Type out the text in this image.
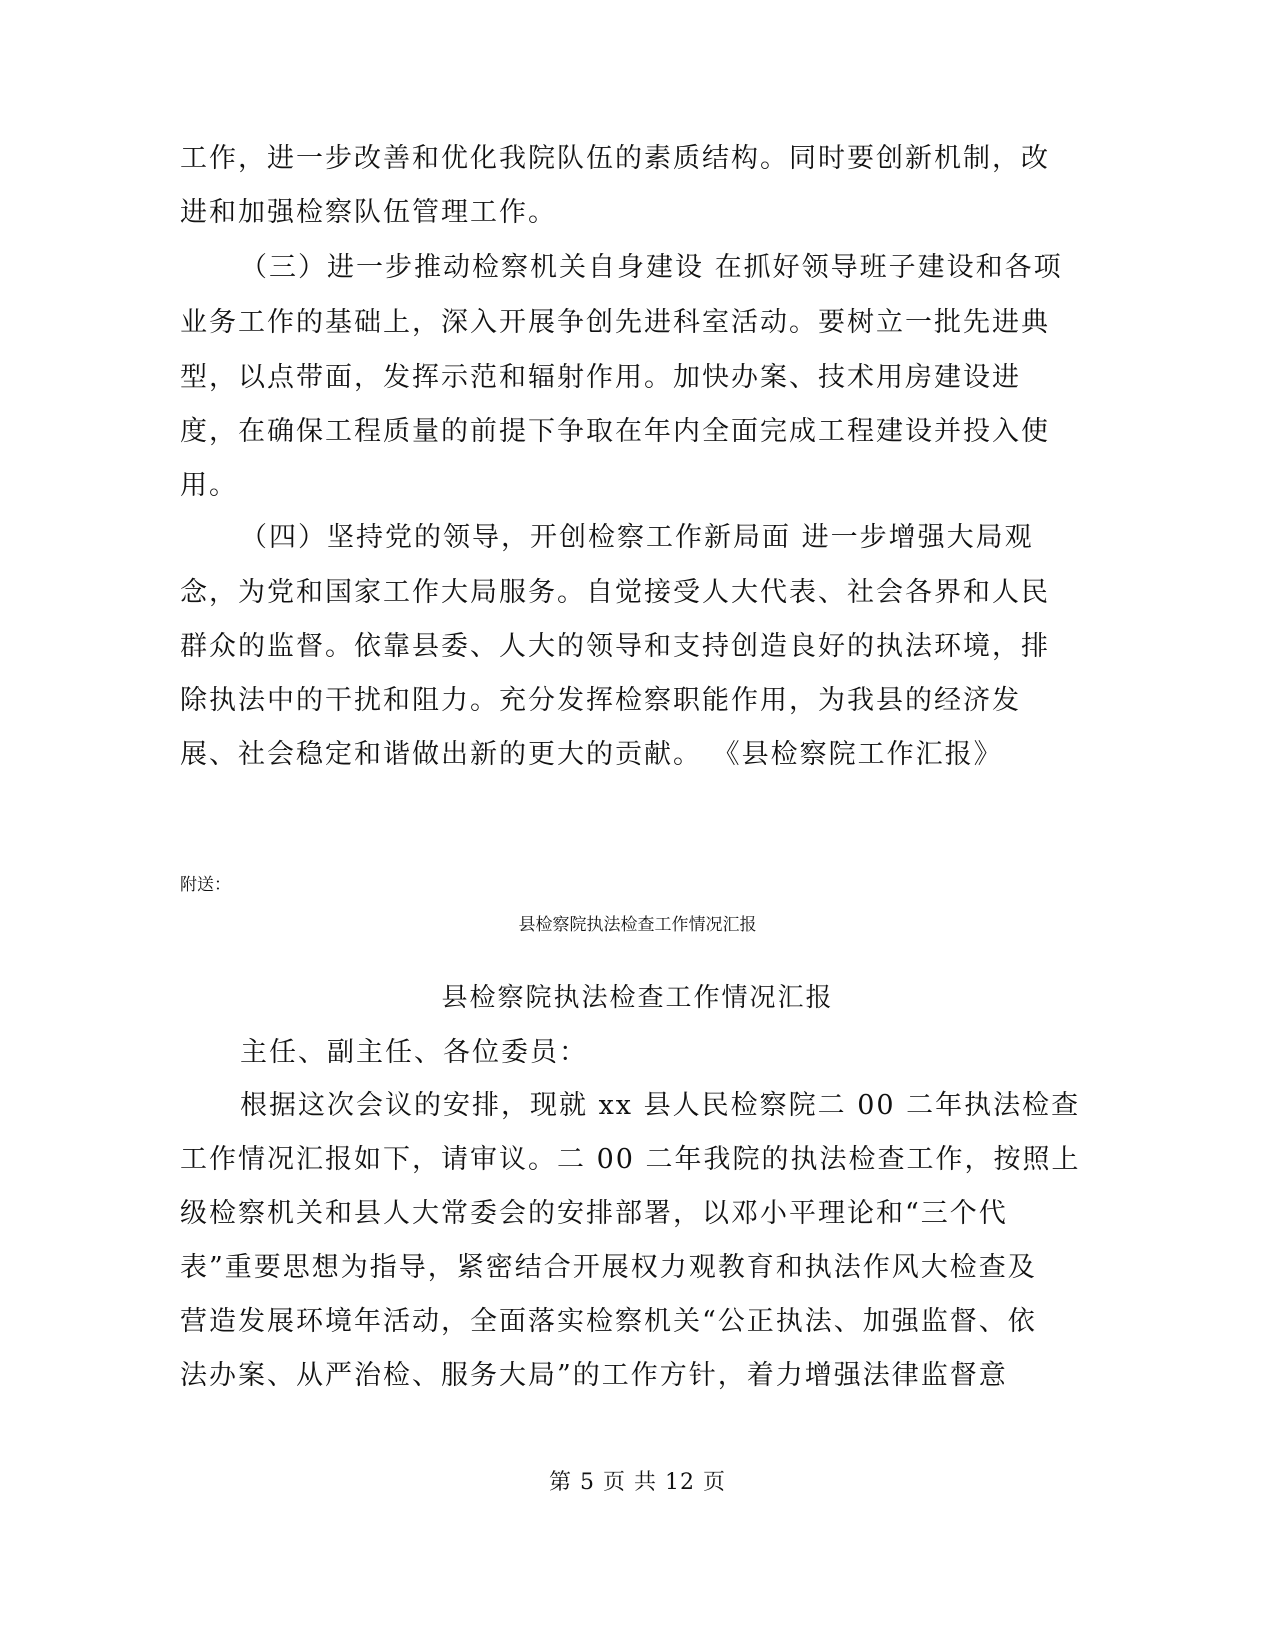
工作，进一步改善和优化我院队伍的素质结构。同时要创新机制，改
进和加强检察队伍管理工作。
（三）进一步推动检察机关自身建设 在抓好领导班子建设和各项
业务工作的基础上，深入开展争创先进科室活动。要树立一批先进典
型，以点带面，发挥示范和辐射作用。加快办案、技术用房建设进
度，在确保工程质量的前提下争取在年内全面完成工程建设并投入使
用。
（四）坚持党的领导，开创检察工作新局面 进一步增强大局观
念，为党和国家工作大局服务。自觉接受人大代表、社会各界和人民
群众的监督。依靠县委、人大的领导和支持创造良好的执法环境，排
除执法中的干扰和阻力。充分发挥检察职能作用，为我县的经济发
展、社会稳定和谐做出新的更大的贡献。 《县检察院工作汇报》
附送：
县检察院执法检查工作情况汇报
县检察院执法检查工作情况汇报
主任、副主任、各位委员：
根据这次会议的安排，现就 xx 县人民检察院二 00 二年执法检查
工作情况汇报如下，请审议。二 00 二年我院的执法检查工作，按照上
级检察机关和县人大常委会的安排部署，以邓小平理论和“三个代
表”重要思想为指导，紧密结合开展权力观教育和执法作风大检查及
营造发展环境年活动，全面落实检察机关“公正执法、加强监督、依
法办案、从严治检、服务大局”的工作方针，着力增强法律监督意
第 5 页 共 12 页
